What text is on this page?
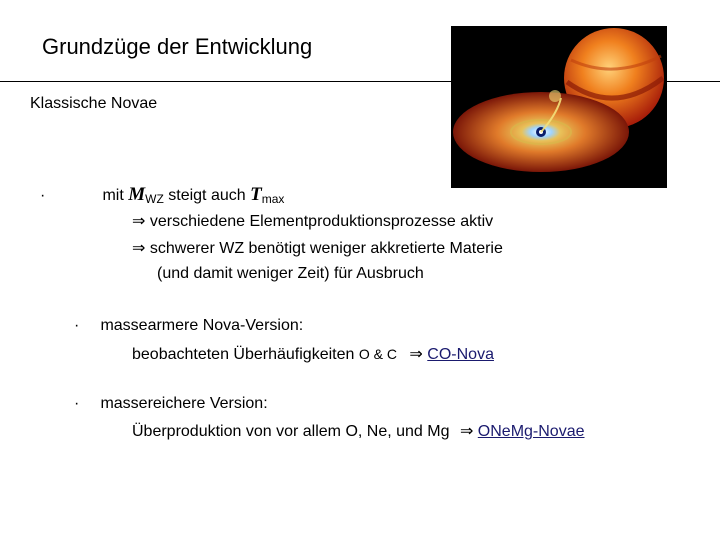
Grundzüge der Entwicklung
Klassische Novae
·	mit $M_{WZ}$ steigt auch $T_{max}$
⇒ verschiedene Elementproduktionsprozesse aktiv
⇒ schwerer WZ benötigt weniger akkretierte Materie
(und damit weniger Zeit) für Ausbruch
· massearmere Nova-Version:
beobachteten Überhäufigkeiten O & C ⇒ CO-Nova
· massereichere Version:
Überproduktion von vor allem O, Ne, und Mg ⇒ ONeMg-Novae
